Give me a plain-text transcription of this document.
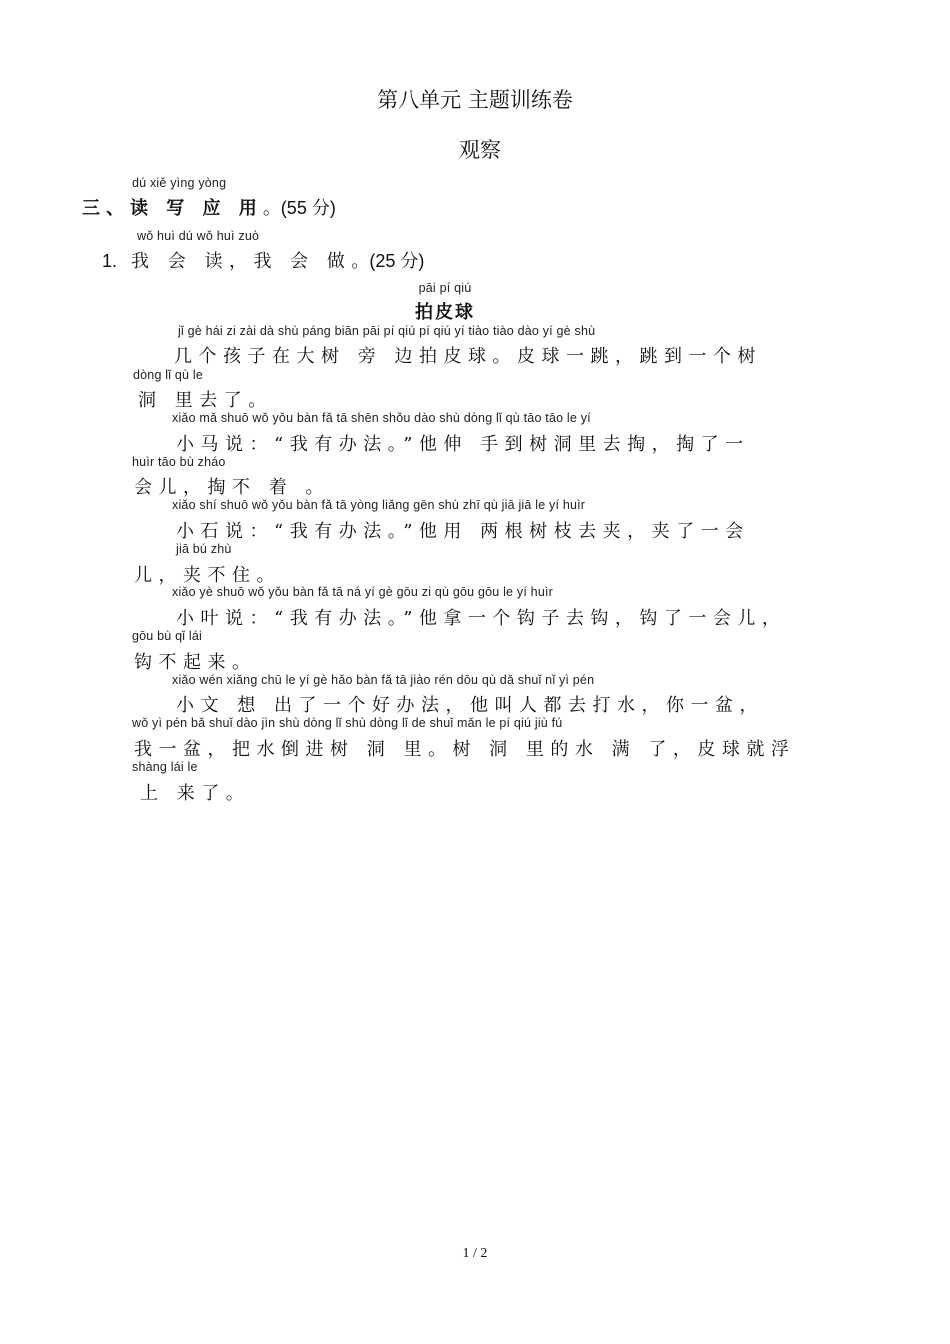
第八单元 主题训练卷
观察
dú xiě yìng yòng
三、读 写 应 用。(55 分)
wǒ huì dú wǒ huì zuò
1. 我 会 读，我 会 做。(25 分)
pāi pí qiú
拍皮球
jǐ gè hái zi zài dà shù páng biān pāi pí qiú pí qiú yí tiào tiào dào yí gè shù
几个孩子在大树 旁 边拍皮球。皮球一跳，跳到一个树
dòng lǐ qù le
洞 里去了。
xiǎo mǎ shuō wǒ yǒu bàn fǎ tā shēn shǒu dào shù dòng lǐ qù tāo tāo le yí
小马说：“我有办法。”他伸 手到树洞里去掏，掏了一
huìr tāo bù zháo
会儿，掏不 着 。
xiǎo shí shuō wǒ yǒu bàn fǎ tā yòng liǎng gēn shù zhī qù jiā jiā le yí huìr
小石说：“我有办法。”他用 两根树枝去夹，夹了一会
jiā bú zhù
儿，夹不住。
xiǎo yè shuō wǒ yǒu bàn fǎ tā ná yí gè gōu zi qù gōu gōu le yí huìr
小叶说：“我有办法。”他拿一个钩子去钩，钩了一会儿，
gōu bù qǐ lái
钩不起来。
xiǎo wén xiǎng chū le yí gè hǎo bàn fǎ tā jiào rén dōu qù dǎ shuǐ nǐ yì pén
小文 想 出了一个好办法，他叫人都去打水，你一盆，
wǒ yì pén bǎ shuǐ dào jìn shù dòng lǐ shù dòng lǐ de shuǐ mǎn le pí qiú jiù fú
我一盆，把水倒进树 洞 里。树 洞 里的水 满 了，皮球就浮
shàng lái le
上 来了。
1 / 2
